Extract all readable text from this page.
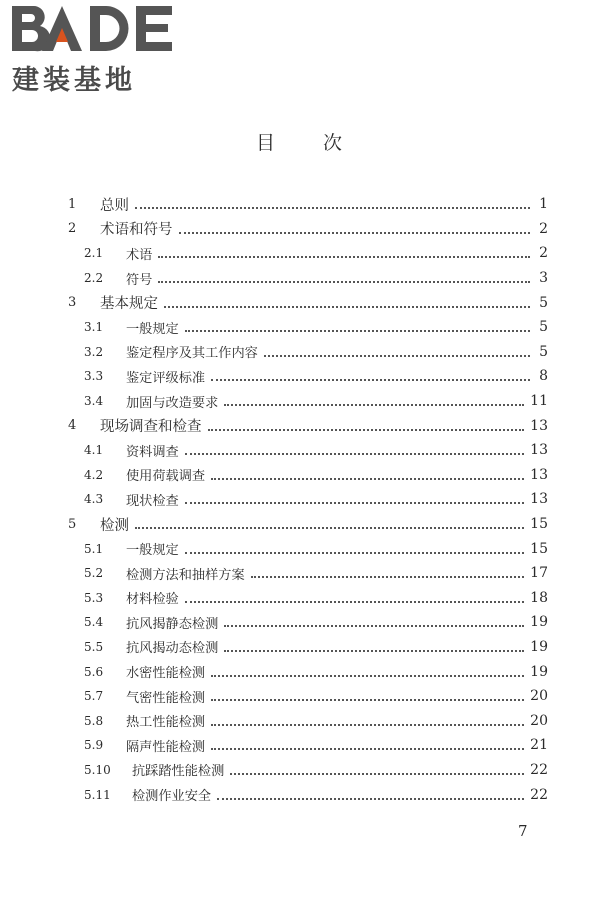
建装基地
目 次
1	总则	1
2	术语和符号	2
2.1	术语	2
2.2	符号	3
3	基本规定	5
3.1	一般规定	5
3.2	鉴定程序及其工作内容	5
3.3	鉴定评级标准	8
3.4	加固与改造要求	11
4	现场调查和检查	13
4.1	资料调查	13
4.2	使用荷载调查	13
4.3	现状检查	13
5	检测	15
5.1	一般规定	15
5.2	检测方法和抽样方案	17
5.3	材料检验	18
5.4	抗风揭静态检测	19
5.5	抗风揭动态检测	19
5.6	水密性能检测	19
5.7	气密性能检测	20
5.8	热工性能检测	20
5.9	隔声性能检测	21
5.10	抗踩踏性能检测	22
5.11	检测作业安全	22
7
